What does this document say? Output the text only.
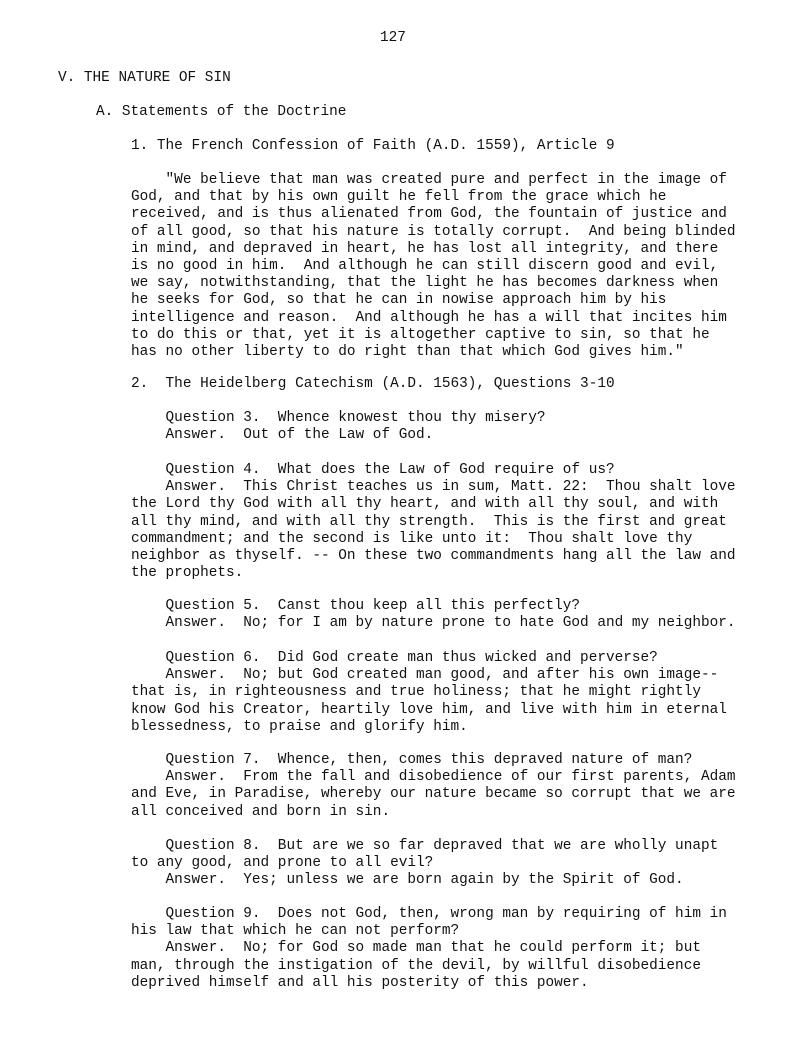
127
V. THE NATURE OF SIN
A. Statements of the Doctrine
1. The French Confession of Faith (A.D. 1559), Article 9

"We believe that man was created pure and perfect in the image of
God, and that by his own guilt he fell from the grace which he
received, and is thus alienated from God, the fountain of justice and
of all good, so that his nature is totally corrupt.  And being blinded
in mind, and depraved in heart, he has lost all integrity, and there
is no good in him.  And although he can still discern good and evil,
we say, notwithstanding, that the light he has becomes darkness when
he seeks for God, so that he can in nowise approach him by his
intelligence and reason.  And although he has a will that incites him
to do this or that, yet it is altogether captive to sin, so that he
has no other liberty to do right than that which God gives him."

2.  The Heidelberg Catechism (A.D. 1563), Questions 3-10

Question 3.  Whence knowest thou thy misery?
Answer.  Out of the Law of God.

Question 4.  What does the Law of God require of us?
Answer.  This Christ teaches us in sum, Matt. 22:  Thou shalt love
the Lord thy God with all thy heart, and with all thy soul, and with
all thy mind, and with all thy strength.  This is the first and great
commandment; and the second is like unto it:  Thou shalt love thy
neighbor as thyself. -- On these two commandments hang all the law and
the prophets.

Question 5.  Canst thou keep all this perfectly?
Answer.  No; for I am by nature prone to hate God and my neighbor.

Question 6.  Did God create man thus wicked and perverse?
Answer.  No; but God created man good, and after his own image--
that is, in righteousness and true holiness; that he might rightly
know God his Creator, heartily love him, and live with him in eternal
blessedness, to praise and glorify him.

Question 7.  Whence, then, comes this depraved nature of man?
Answer.  From the fall and disobedience of our first parents, Adam
and Eve, in Paradise, whereby our nature became so corrupt that we are
all conceived and born in sin.

Question 8.  But are we so far depraved that we are wholly unapt
to any good, and prone to all evil?
Answer.  Yes; unless we are born again by the Spirit of God.

Question 9.  Does not God, then, wrong man by requiring of him in
his law that which he can not perform?
Answer.  No; for God so made man that he could perform it; but
man, through the instigation of the devil, by willful disobedience
deprived himself and all his posterity of this power.
